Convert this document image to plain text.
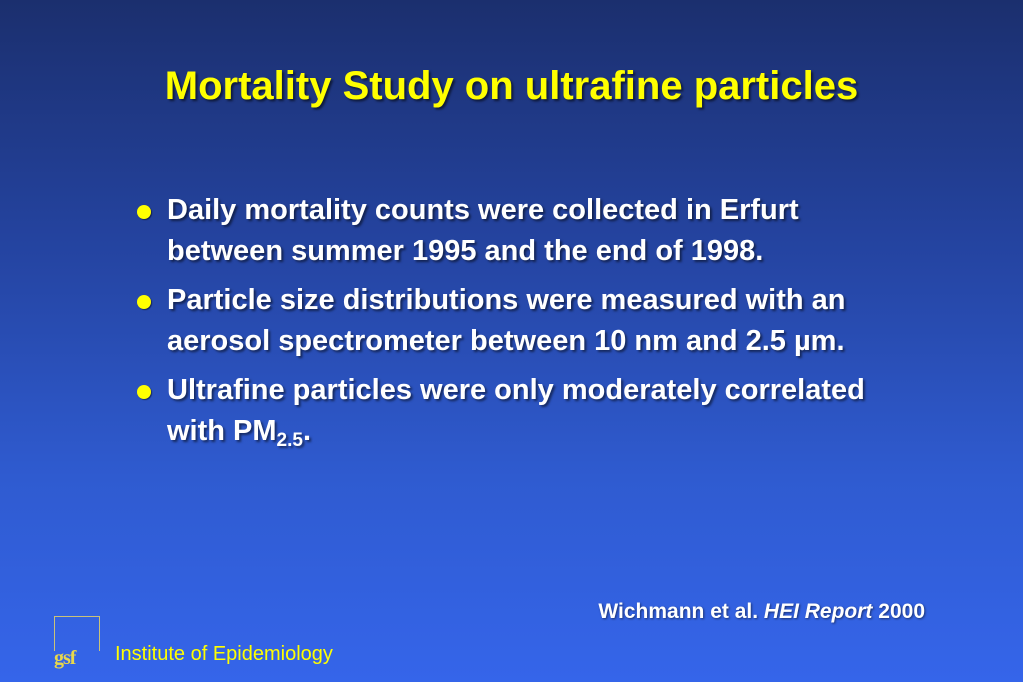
Mortality Study on ultrafine particles
Daily mortality counts were collected in Erfurt between summer 1995 and the end of 1998.
Particle size distributions were measured with an aerosol spectrometer between 10 nm and 2.5 µm.
Ultrafine particles were only moderately correlated with $PM_{2.5}$.
Wichmann et al. HEI Report 2000
gsf Institute of Epidemiology
